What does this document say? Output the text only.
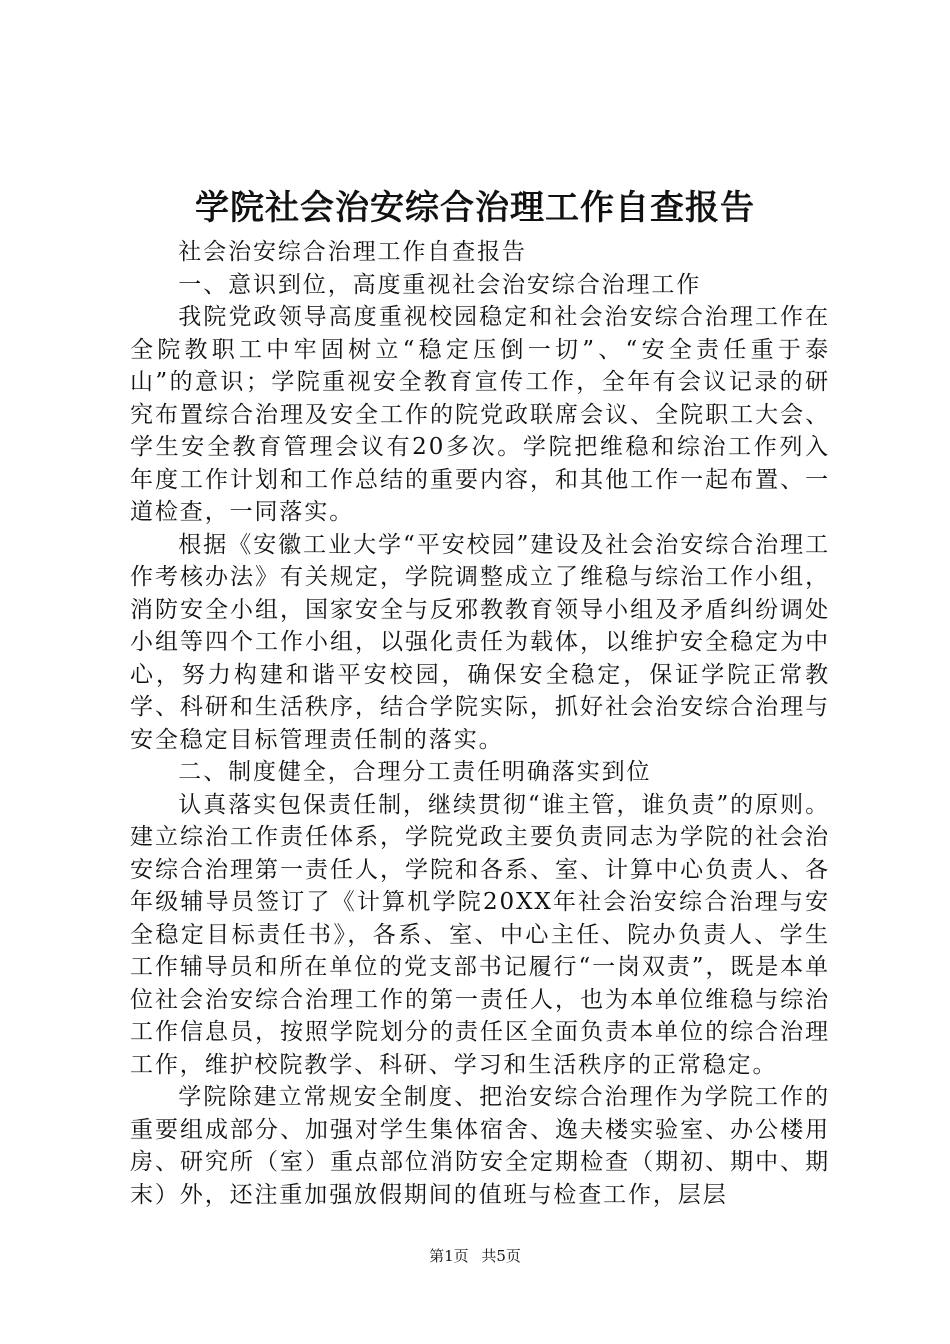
学院社会治安综合治理工作自查报告

社会治安综合治理工作自查报告

一、意识到位，高度重视社会治安综合治理工作

我院党政领导高度重视校园稳定和社会治安综合治理工作在全院教职工中牢固树立“稳定压倒一切”、“安全责任重于泰山”的意识；学院重视安全教育宣传工作，全年有会议记录的研究布置综合治理及安全工作的院党政联席会议、全院职工大会、学生安全教育管理会议有20多次。学院把维稳和综治工作列入年度工作计划和工作总结的重要内容，和其他工作一起布置、一道检查，一同落实。

根据《安徽工业大学“平安校园”建设及社会治安综合治理工作考核办法》有关规定，学院调整成立了维稳与综治工作小组，消防安全小组，国家安全与反邪教教育领导小组及矛盾纠纷调处小组等四个工作小组，以强化责任为载体，以维护安全稳定为中心，努力构建和谐平安校园，确保安全稳定，保证学院正常教学、科研和生活秩序，结合学院实际，抓好社会治安综合治理与安全稳定目标管理责任制的落实。

二、制度健全，合理分工责任明确落实到位

认真落实包保责任制，继续贯彻“谁主管，谁负责”的原则。建立综治工作责任体系，学院党政主要负责同志为学院的社会治安综合治理第一责任人，学院和各系、室、计算中心负责人、各年级辅导员签订了《计算机学院20XX年社会治安综合治理与安全稳定目标责任书》，各系、室、中心主任、院办负责人、学生工作辅导员和所在单位的党支部书记履行“一岗双责”，既是本单位社会治安综合治理工作的第一责任人，也为本单位维稳与综治工作信息员，按照学院划分的责任区全面负责本单位的综合治理工作，维护校院教学、科研、学习和生活秩序的正常稳定。

学院除建立常规安全制度、把治安综合治理作为学院工作的重要组成部分、加强对学生集体宿舍、逸夫楼实验室、办公楼用房、研究所（室）重点部位消防安全定期检查（期初、期中、期末）外，还注重加强放假期间的值班与检查工作，层层

第1页 共5页
